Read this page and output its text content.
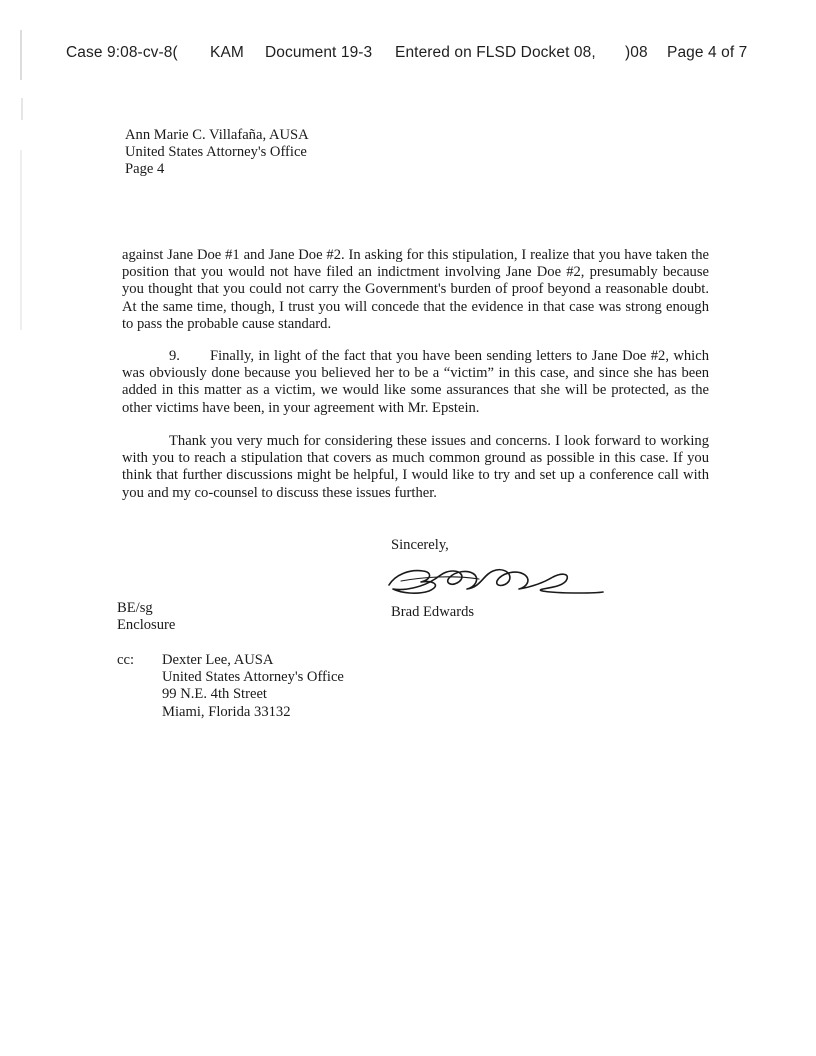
Case 9:08-cv-8( KAM Document 19-3 Entered on FLSD Docket 08, )08 Page 4 of 7
Ann Marie C. Villafaña, AUSA
United States Attorney's Office
Page 4
against Jane Doe #1 and Jane Doe #2. In asking for this stipulation, I realize that you have taken the position that you would not have filed an indictment involving Jane Doe #2, presumably because you thought that you could not carry the Government's burden of proof beyond a reasonable doubt. At the same time, though, I trust you will concede that the evidence in that case was strong enough to pass the probable cause standard.
9. Finally, in light of the fact that you have been sending letters to Jane Doe #2, which was obviously done because you believed her to be a “victim” in this case, and since she has been added in this matter as a victim, we would like some assurances that she will be protected, as the other victims have been, in your agreement with Mr. Epstein.
Thank you very much for considering these issues and concerns. I look forward to working with you to reach a stipulation that covers as much common ground as possible in this case. If you think that further discussions might be helpful, I would like to try and set up a conference call with you and my co-counsel to discuss these issues further.
Sincerely,
Brad Edwards
BE/sg
Enclosure
cc: Dexter Lee, AUSA
United States Attorney's Office
99 N.E. 4th Street
Miami, Florida 33132
